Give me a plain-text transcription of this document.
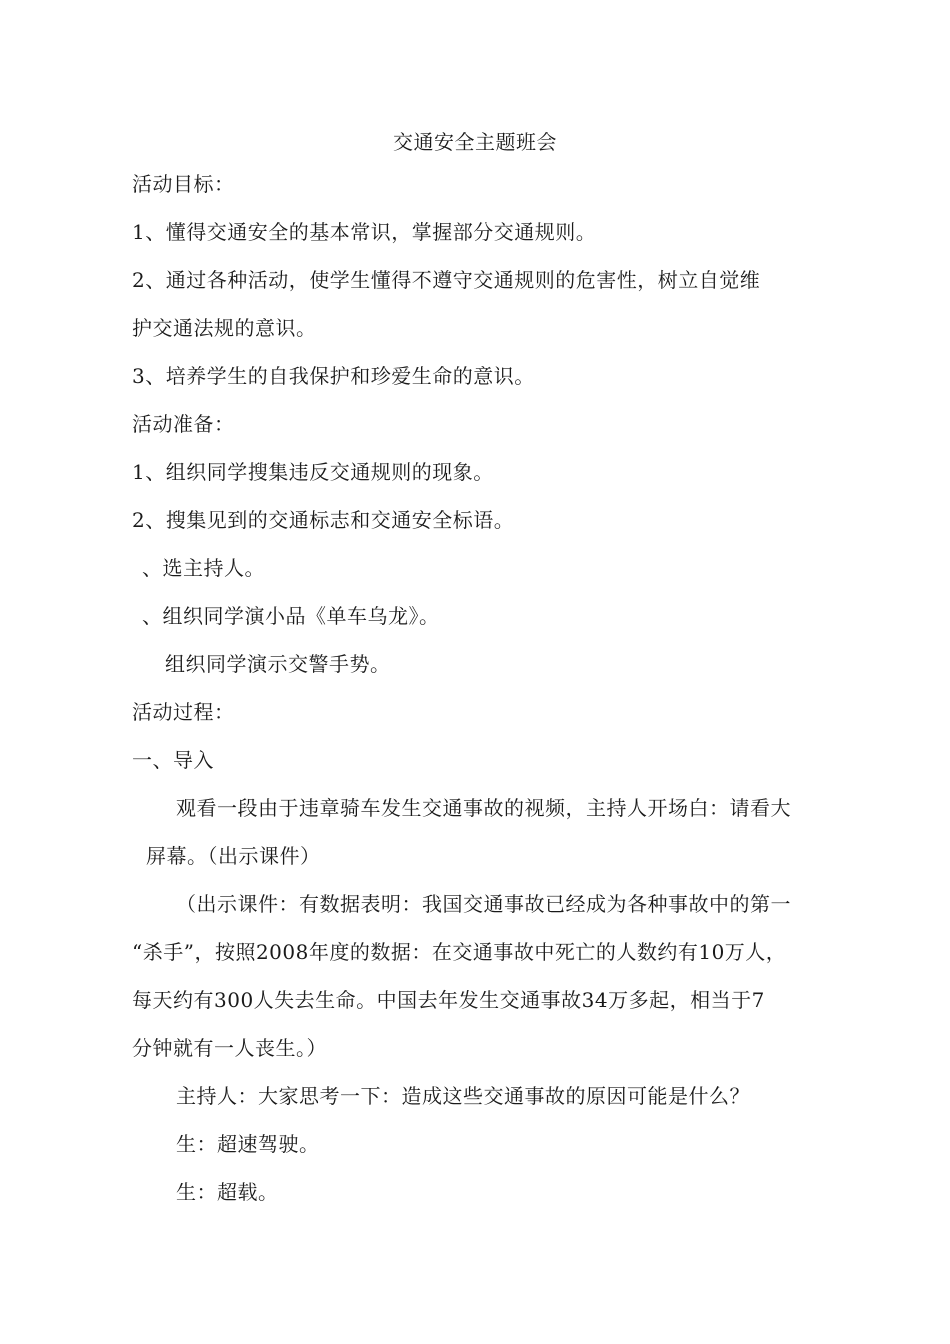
交通安全主题班会
活动目标：
1、懂得交通安全的基本常识，掌握部分交通规则。
2、通过各种活动，使学生懂得不遵守交通规则的危害性，树立自觉维
护交通法规的意识。
3、培养学生的自我保护和珍爱生命的意识。
活动准备：
1、组织同学搜集违反交通规则的现象。
2、搜集见到的交通标志和交通安全标语。
、选主持人。
、组织同学演小品《单车乌龙》。
组织同学演示交警手势。
活动过程：
一、导入
观看一段由于违章骑车发生交通事故的视频，主持人开场白：请看大
屏幕。（出示课件）
（出示课件：有数据表明：我国交通事故已经成为各种事故中的第一
“杀手”，按照2008年度的数据：在交通事故中死亡的人数约有10万人，
每天约有300人失去生命。中国去年发生交通事故34万多起，相当于7
分钟就有一人丧生。）
主持人：大家思考一下：造成这些交通事故的原因可能是什么？
生：超速驾驶。
生：超载。
